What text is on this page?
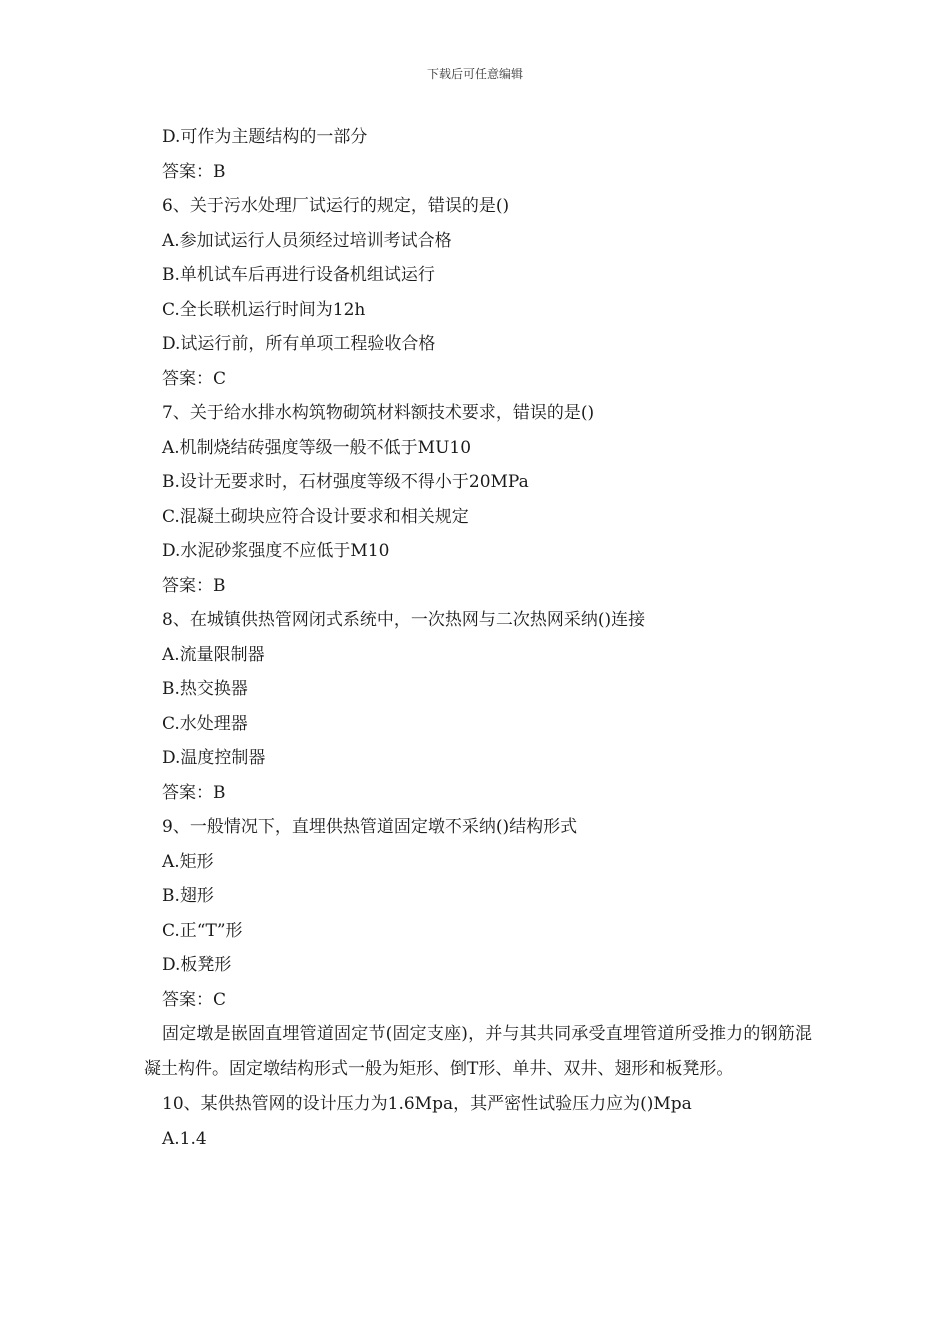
下载后可任意编辑
D.可作为主题结构的一部分
答案：B
6、关于污水处理厂试运行的规定，错误的是()
A.参加试运行人员须经过培训考试合格
B.单机试车后再进行设备机组试运行
C.全长联机运行时间为12h
D.试运行前，所有单项工程验收合格
答案：C
7、关于给水排水构筑物砌筑材料额技术要求，错误的是()
A.机制烧结砖强度等级一般不低于MU10
B.设计无要求时，石材强度等级不得小于20MPa
C.混凝土砌块应符合设计要求和相关规定
D.水泥砂浆强度不应低于M10
答案：B
8、在城镇供热管网闭式系统中，一次热网与二次热网采纳()连接
A.流量限制器
B.热交换器
C.水处理器
D.温度控制器
答案：B
9、一般情况下，直埋供热管道固定墩不采纳()结构形式
A.矩形
B.翅形
C.正“T”形
D.板凳形
答案：C
固定墩是嵌固直埋管道固定节(固定支座)，并与其共同承受直埋管道所受推力的钢筋混凝土构件。固定墩结构形式一般为矩形、倒T形、单井、双井、翅形和板凳形。
10、某供热管网的设计压力为1.6Mpa，其严密性试验压力应为()Mpa
A.1.4
